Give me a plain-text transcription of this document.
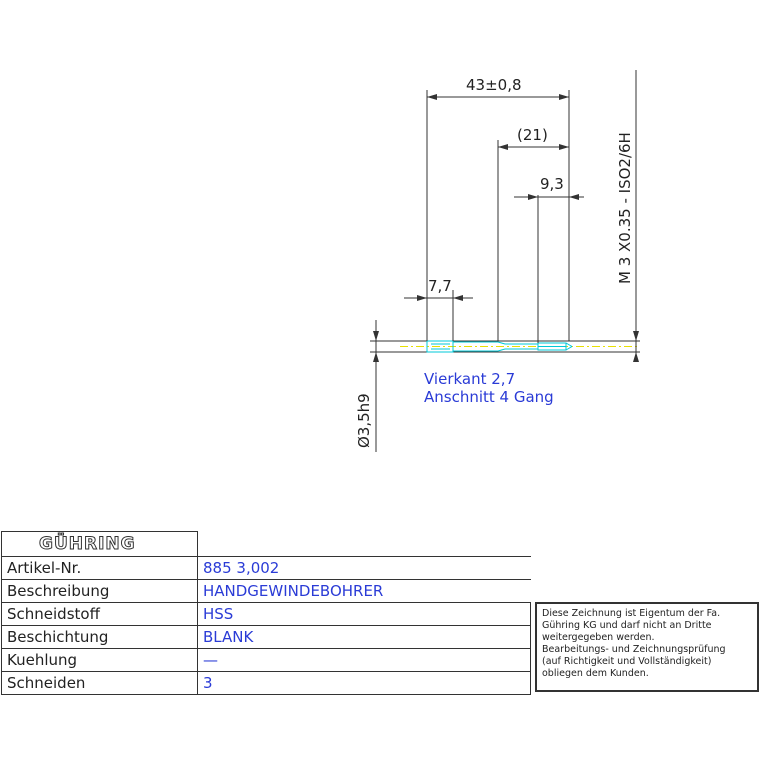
43±0,8
(21)
9,3
7,7
Ø3,5h9
M 3 X0.35 - ISO2/6H
Vierkant 2,7
Anschnitt 4 Gang
GÜHRING	
Artikel-Nr.	885 3,002
Beschreibung	HANDGEWINDEBOHRER
Schneidstoff	HSS
Beschichtung	BLANK
Kuehlung	—
Schneiden	3
Diese Zeichnung ist Eigentum der Fa.
Gühring KG und darf nicht an Dritte
weitergegeben werden.
Bearbeitungs- und Zeichnungsprüfung
(auf Richtigkeit und Vollständigkeit)
obliegen dem Kunden.
